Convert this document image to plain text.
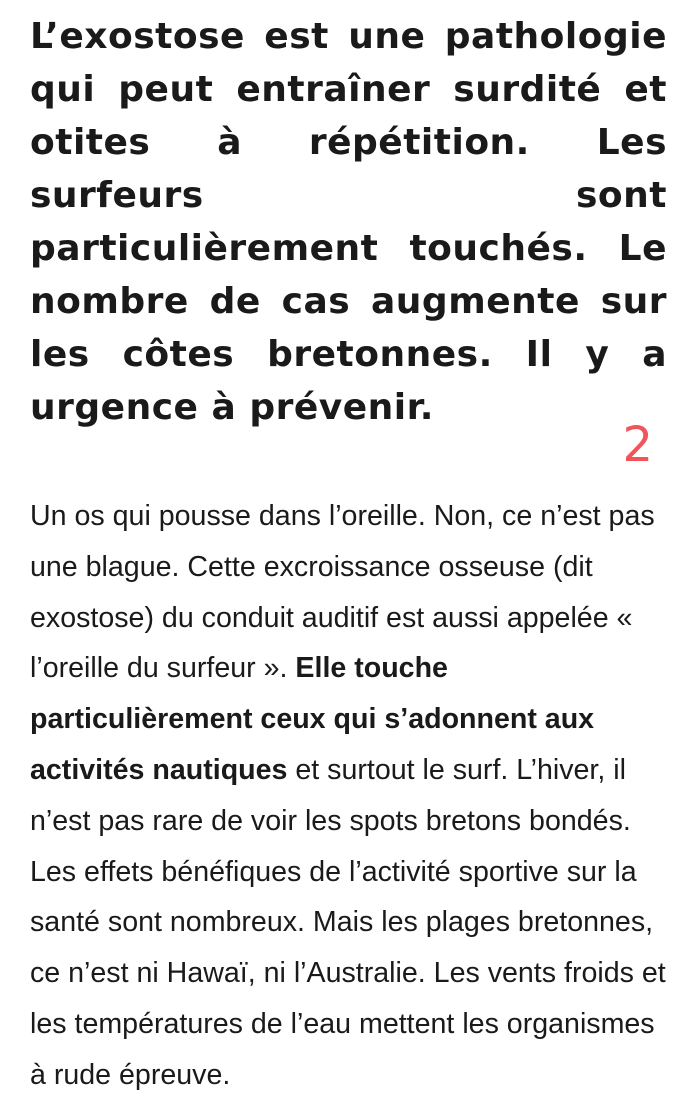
L’exostose est une pathologie qui peut entraîner surdité et otites à répétition. Les surfeurs sont particulièrement touchés. Le nombre de cas augmente sur les côtes bretonnes. Il y a urgence à prévenir.

2

Un os qui pousse dans l’oreille. Non, ce n’est pas une blague. Cette excroissance osseuse (dit exostose) du conduit auditif est aussi appelée « l’oreille du surfeur ». Elle touche particulièrement ceux qui s’adonnent aux activités nautiques et surtout le surf. L’hiver, il n’est pas rare de voir les spots bretons bondés. Les effets bénéfiques de l’activité sportive sur la santé sont nombreux. Mais les plages bretonnes, ce n’est ni Hawaï, ni l’Australie. Les vents froids et les températures de l’eau mettent les organismes à rude épreuve.
